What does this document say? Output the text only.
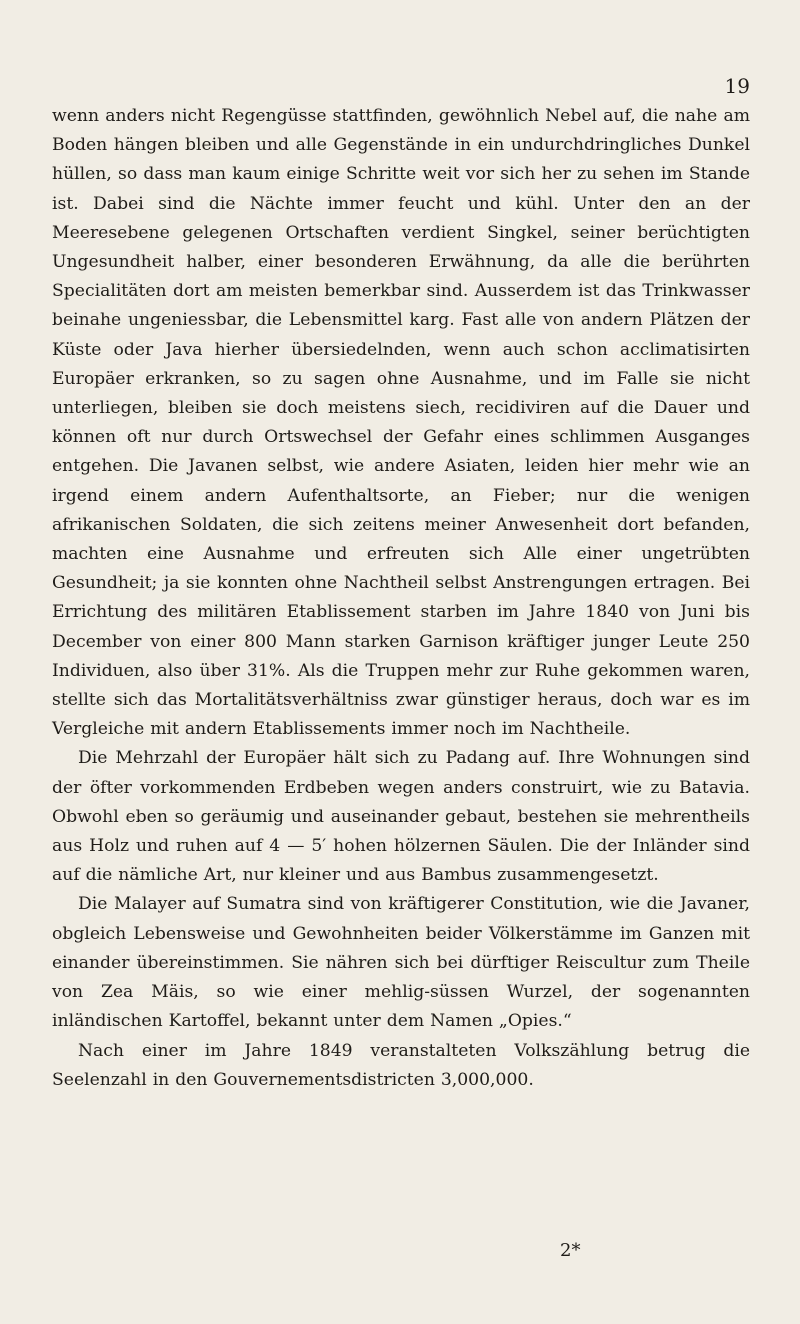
19

wenn anders nicht Regengüsse stattfinden, gewöhnlich Nebel auf, die nahe am Boden hängen bleiben und alle Gegenstände in ein undurchdringliches Dunkel hüllen, so dass man kaum einige Schritte weit vor sich her zu sehen im Stande ist. Dabei sind die Nächte immer feucht und kühl. Unter den an der Meeresebene gelegenen Ortschaften verdient Singkel, seiner berüchtigten Ungesundheit halber, einer besonderen Erwähnung, da alle die berührten Specialitäten dort am meisten bemerkbar sind. Ausserdem ist das Trinkwasser beinahe ungeniessbar, die Lebensmittel karg. Fast alle von andern Plätzen der Küste oder Java hierher übersiedelnden, wenn auch schon acclimatisirten Europäer erkranken, so zu sagen ohne Ausnahme, und im Falle sie nicht unterliegen, bleiben sie doch meistens siech, recidiviren auf die Dauer und können oft nur durch Ortswechsel der Gefahr eines schlimmen Ausganges entgehen. Die Javanen selbst, wie andere Asiaten, leiden hier mehr wie an irgend einem andern Aufenthaltsorte, an Fieber; nur die wenigen afrikanischen Soldaten, die sich zeitens meiner Anwesenheit dort befanden, machten eine Ausnahme und erfreuten sich Alle einer ungetrübten Gesundheit; ja sie konnten ohne Nachtheil selbst Anstrengungen ertragen. Bei Errichtung des militären Etablissement starben im Jahre 1840 von Juni bis December von einer 800 Mann starken Garnison kräftiger junger Leute 250 Individuen, also über 31%. Als die Truppen mehr zur Ruhe gekommen waren, stellte sich das Mortalitätsverhältniss zwar günstiger heraus, doch war es im Vergleiche mit andern Etablissements immer noch im Nachtheile.

Die Mehrzahl der Europäer hält sich zu Padang auf. Ihre Wohnungen sind der öfter vorkommenden Erdbeben wegen anders construirt, wie zu Batavia. Obwohl eben so geräumig und auseinander gebaut, bestehen sie mehrentheils aus Holz und ruhen auf 4 — 5′ hohen hölzernen Säulen. Die der Inländer sind auf die nämliche Art, nur kleiner und aus Bambus zusammengesetzt.

Die Malayer auf Sumatra sind von kräftigerer Constitution, wie die Javaner, obgleich Lebensweise und Gewohnheiten beider Völkerstämme im Ganzen mit einander übereinstimmen. Sie nähren sich bei dürftiger Reiscultur zum Theile von Zea Mäis, so wie einer mehlig-süssen Wurzel, der sogenannten inländischen Kartoffel, bekannt unter dem Namen „Opies.“

Nach einer im Jahre 1849 veranstalteten Volkszählung betrug die Seelenzahl in den Gouvernementsdistricten 3,000,000.

2*
